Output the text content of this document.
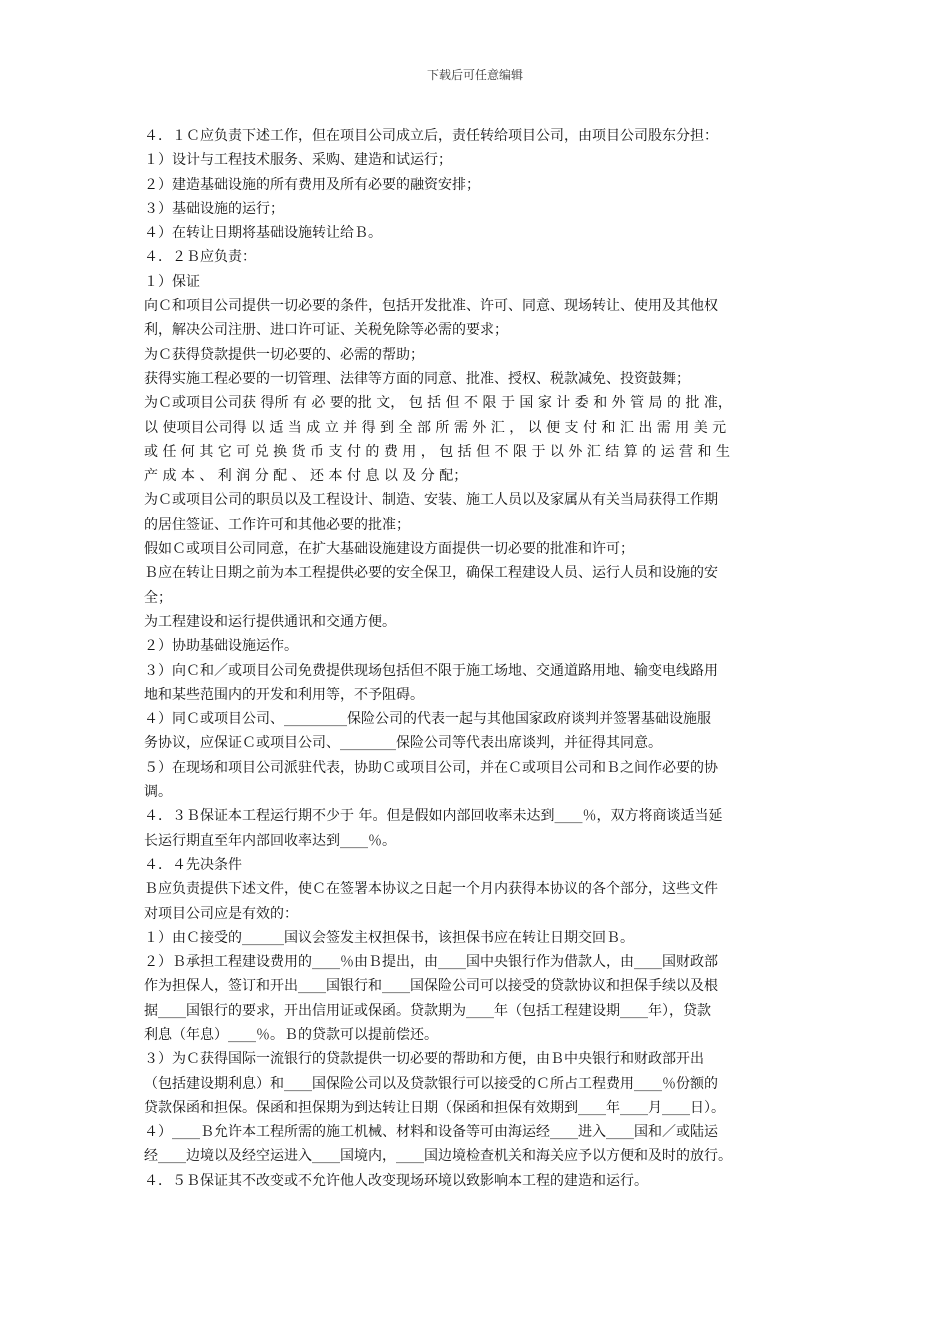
下载后可任意编辑
４．１Ｃ应负责下述工作，但在项目公司成立后，责任转给项目公司，由项目公司股东分担：
１）设计与工程技术服务、采购、建造和试运行；
２）建造基础设施的所有费用及所有必要的融资安排；
３）基础设施的运行；
４）在转让日期将基础设施转让给Ｂ。
４．２Ｂ应负责：
１）保证
向Ｃ和项目公司提供一切必要的条件，包括开发批准、许可、同意、现场转让、使用及其他权
利，解决公司注册、进口许可证、关税免除等必需的要求；
为Ｃ获得贷款提供一切必要的、必需的帮助；
获得实施工程必要的一切管理、法律等方面的同意、批准、授权、税款减免、投资鼓舞；
为Ｃ或项目公司获 得所 有 必 要的批 文， 包 括 但 不 限 于 国 家 计 委 和 外 管 局 的 批 准，
以 使项目公司得 以 适 当 成 立 并 得 到 全 部 所 需 外 汇 ， 以 便 支 付 和 汇 出 需 用 美 元
或 任 何 其 它 可 兑 换 货 币 支 付 的 费 用 ， 包 括 但 不 限 于 以 外 汇 结 算 的 运 营 和 生
产 成 本 、 利 润 分 配 、 还 本 付 息 以 及 分 配；
为Ｃ或项目公司的职员以及工程设计、制造、安装、施工人员以及家属从有关当局获得工作期
的居住签证、工作许可和其他必要的批准；
假如Ｃ或项目公司同意，在扩大基础设施建设方面提供一切必要的批准和许可；
Ｂ应在转让日期之前为本工程提供必要的安全保卫，确保工程建设人员、运行人员和设施的安
全；
为工程建设和运行提供通讯和交通方便。
２）协助基础设施运作。
３）向Ｃ和／或项目公司免费提供现场包括但不限于施工场地、交通道路用地、输变电线路用
地和某些范围内的开发和利用等，不予阻碍。
４）同Ｃ或项目公司、_________保险公司的代表一起与其他国家政府谈判并签署基础设施服
务协议，应保证Ｃ或项目公司、________保险公司等代表出席谈判，并征得其同意。
５）在现场和项目公司派驻代表，协助Ｃ或项目公司，并在Ｃ或项目公司和Ｂ之间作必要的协
调。
４．３Ｂ保证本工程运行期不少于 年。但是假如内部回收率未达到____％，双方将商谈适当延
长运行期直至年内部回收率达到____％。
４．４先决条件
Ｂ应负责提供下述文件，使Ｃ在签署本协议之日起一个月内获得本协议的各个部分，这些文件
对项目公司应是有效的：
１）由Ｃ接受的______国议会签发主权担保书，该担保书应在转让日期交回Ｂ。
２）Ｂ承担工程建设费用的____％由Ｂ提出，由____国中央银行作为借款人，由____国财政部
作为担保人，签订和开出____国银行和____国保险公司可以接受的贷款协议和担保手续以及根
据____国银行的要求，开出信用证或保函。贷款期为____年（包括工程建设期____年），贷款
利息（年息）____％。Ｂ的贷款可以提前偿还。
３）为Ｃ获得国际一流银行的贷款提供一切必要的帮助和方便，由Ｂ中央银行和财政部开出
（包括建设期利息）和____国保险公司以及贷款银行可以接受的Ｃ所占工程费用____％份额的
贷款保函和担保。保函和担保期为到达转让日期（保函和担保有效期到____年____月____日）。
４）____Ｂ允许本工程所需的施工机械、材料和设备等可由海运经____进入____国和／或陆运
经____边境以及经空运进入____国境内，____国边境检查机关和海关应予以方便和及时的放行。
４．５Ｂ保证其不改变或不允许他人改变现场环境以致影响本工程的建造和运行。
